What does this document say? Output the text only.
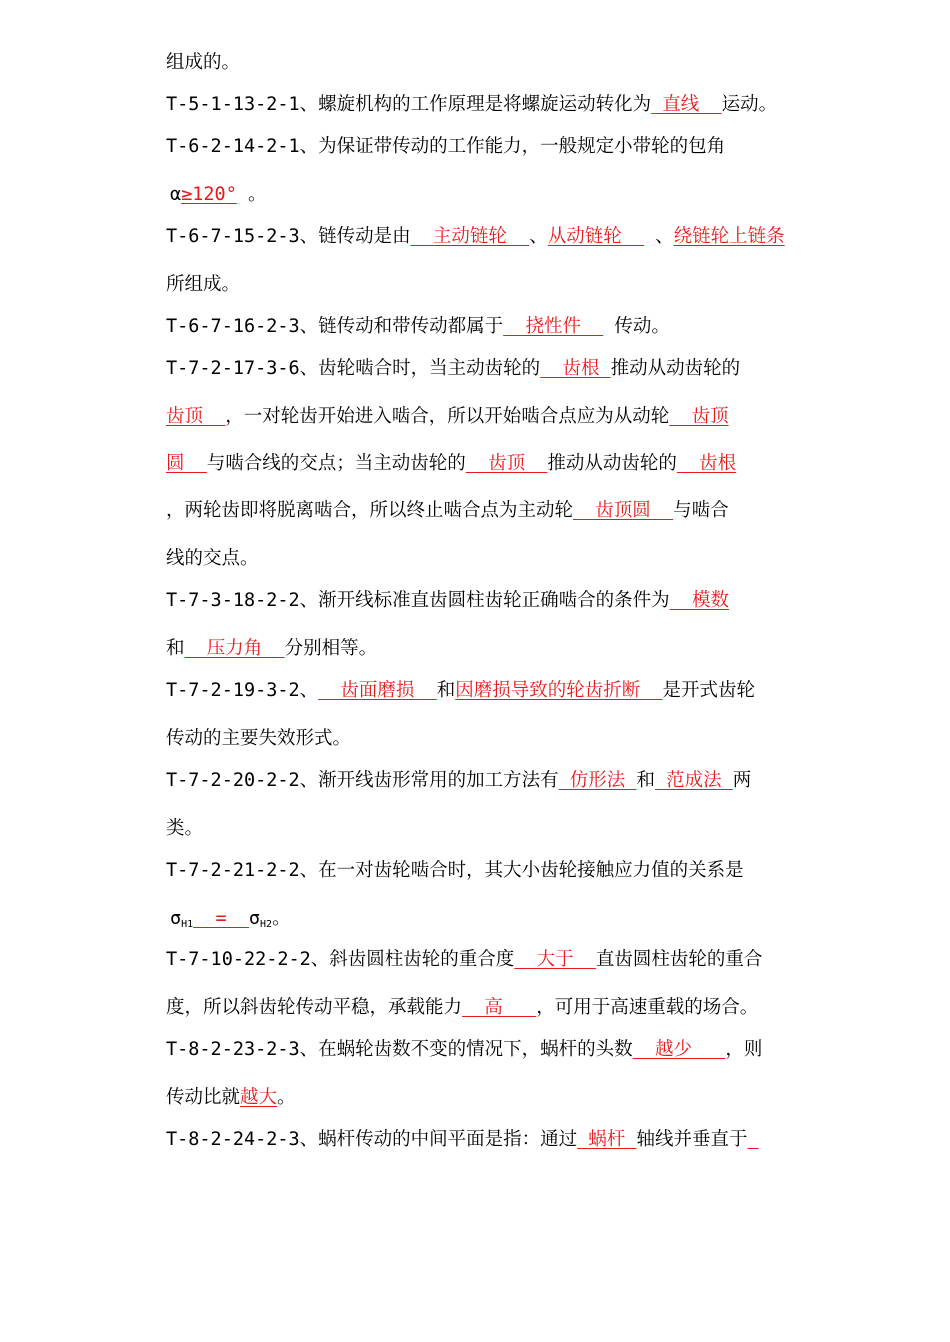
组成的。
T-5-1-13-2-1、螺旋机构的工作原理是将螺旋运动转化为 直线  运动。
T-6-2-14-2-1、为保证带传动的工作能力，一般规定小带轮的包角
α≥120° 。
T-6-7-15-2-3、链传动是由  主动链轮  、从动链轮   、绕链轮上链条
所组成。
T-6-7-16-2-3、链传动和带传动都属于  挠性件   传动。
T-7-2-17-3-6、齿轮啮合时，当主动齿轮的  齿根 推动从动齿轮的
齿顶  ，一对轮齿开始进入啮合，所以开始啮合点应为从动轮  齿顶
圆  与啮合线的交点；当主动齿轮的  齿顶  推动从动齿轮的  齿根
，两轮齿即将脱离啮合，所以终止啮合点为主动轮  齿顶圆  与啮合
线的交点。
T-7-3-18-2-2、渐开线标准直齿圆柱齿轮正确啮合的条件为  模数
和  压力角  分别相等。
T-7-2-19-3-2、  齿面磨损  和因磨损导致的轮齿折断  是开式齿轮
传动的主要失效形式。
T-7-2-20-2-2、渐开线齿形常用的加工方法有 仿形法 和 范成法 两
类。
T-7-2-21-2-2、在一对齿轮啮合时，其大小齿轮接触应力值的关系是
$\sigma_{H1} = \sigma_{H2}$。
T-7-10-22-2-2、斜齿圆柱齿轮的重合度  大于  直齿圆柱齿轮的重合
度，所以斜齿轮传动平稳，承载能力  高   ，可用于高速重载的场合。
T-8-2-23-2-3、在蜗轮齿数不变的情况下，蜗杆的头数  越少   ，则
传动比就越大。
T-8-2-24-2-3、蜗杆传动的中间平面是指：通过 蜗杆 轴线并垂直于
